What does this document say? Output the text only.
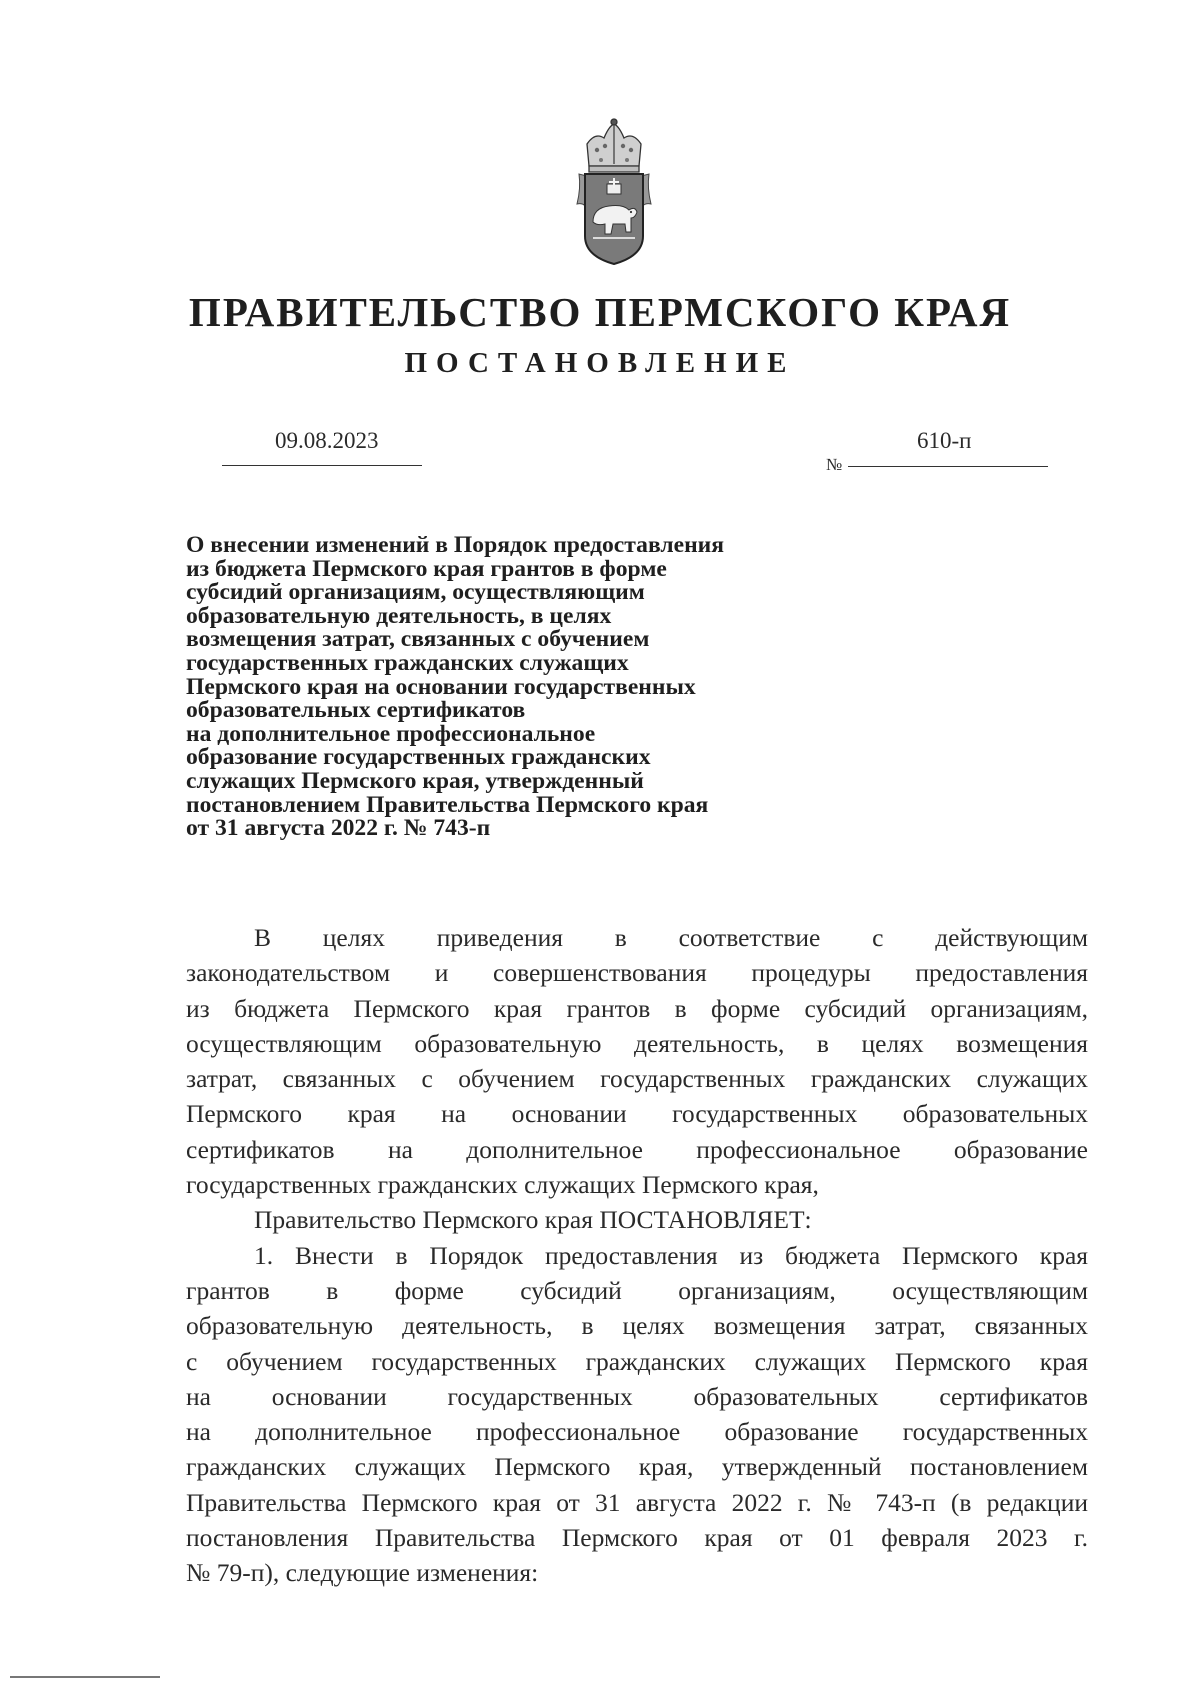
ПРАВИТЕЛЬСТВО ПЕРМСКОГО КРАЯ
ПОСТАНОВЛЕНИЕ
09.08.2023
№
610-п
О внесении изменений в Порядок предоставления
из бюджета Пермского края грантов в форме
субсидий организациям, осуществляющим
образовательную деятельность, в целях
возмещения затрат, связанных с обучением
государственных гражданских служащих
Пермского края на основании государственных
образовательных сертификатов
на дополнительное профессиональное
образование государственных гражданских
служащих Пермского края, утвержденный
постановлением Правительства Пермского края
от 31 августа 2022 г. № 743-п
В целях приведения в соответствие с действующим
законодательством и совершенствования процедуры предоставления
из бюджета Пермского края грантов в форме субсидий организациям,
осуществляющим образовательную деятельность, в целях возмещения
затрат, связанных с обучением государственных гражданских служащих
Пермского края на основании государственных образовательных
сертификатов на дополнительное профессиональное образование
государственных гражданских служащих Пермского края,
Правительство Пермского края ПОСТАНОВЛЯЕТ:
1. Внести в Порядок предоставления из бюджета Пермского края
грантов в форме субсидий организациям, осуществляющим
образовательную деятельность, в целях возмещения затрат, связанных
с обучением государственных гражданских служащих Пермского края
на основании государственных образовательных сертификатов
на дополнительное профессиональное образование государственных
гражданских служащих Пермского края, утвержденный постановлением
Правительства Пермского края от 31 августа 2022 г. № 743-п (в редакции
постановления Правительства Пермского края от 01 февраля 2023 г.
№ 79-п), следующие изменения:
